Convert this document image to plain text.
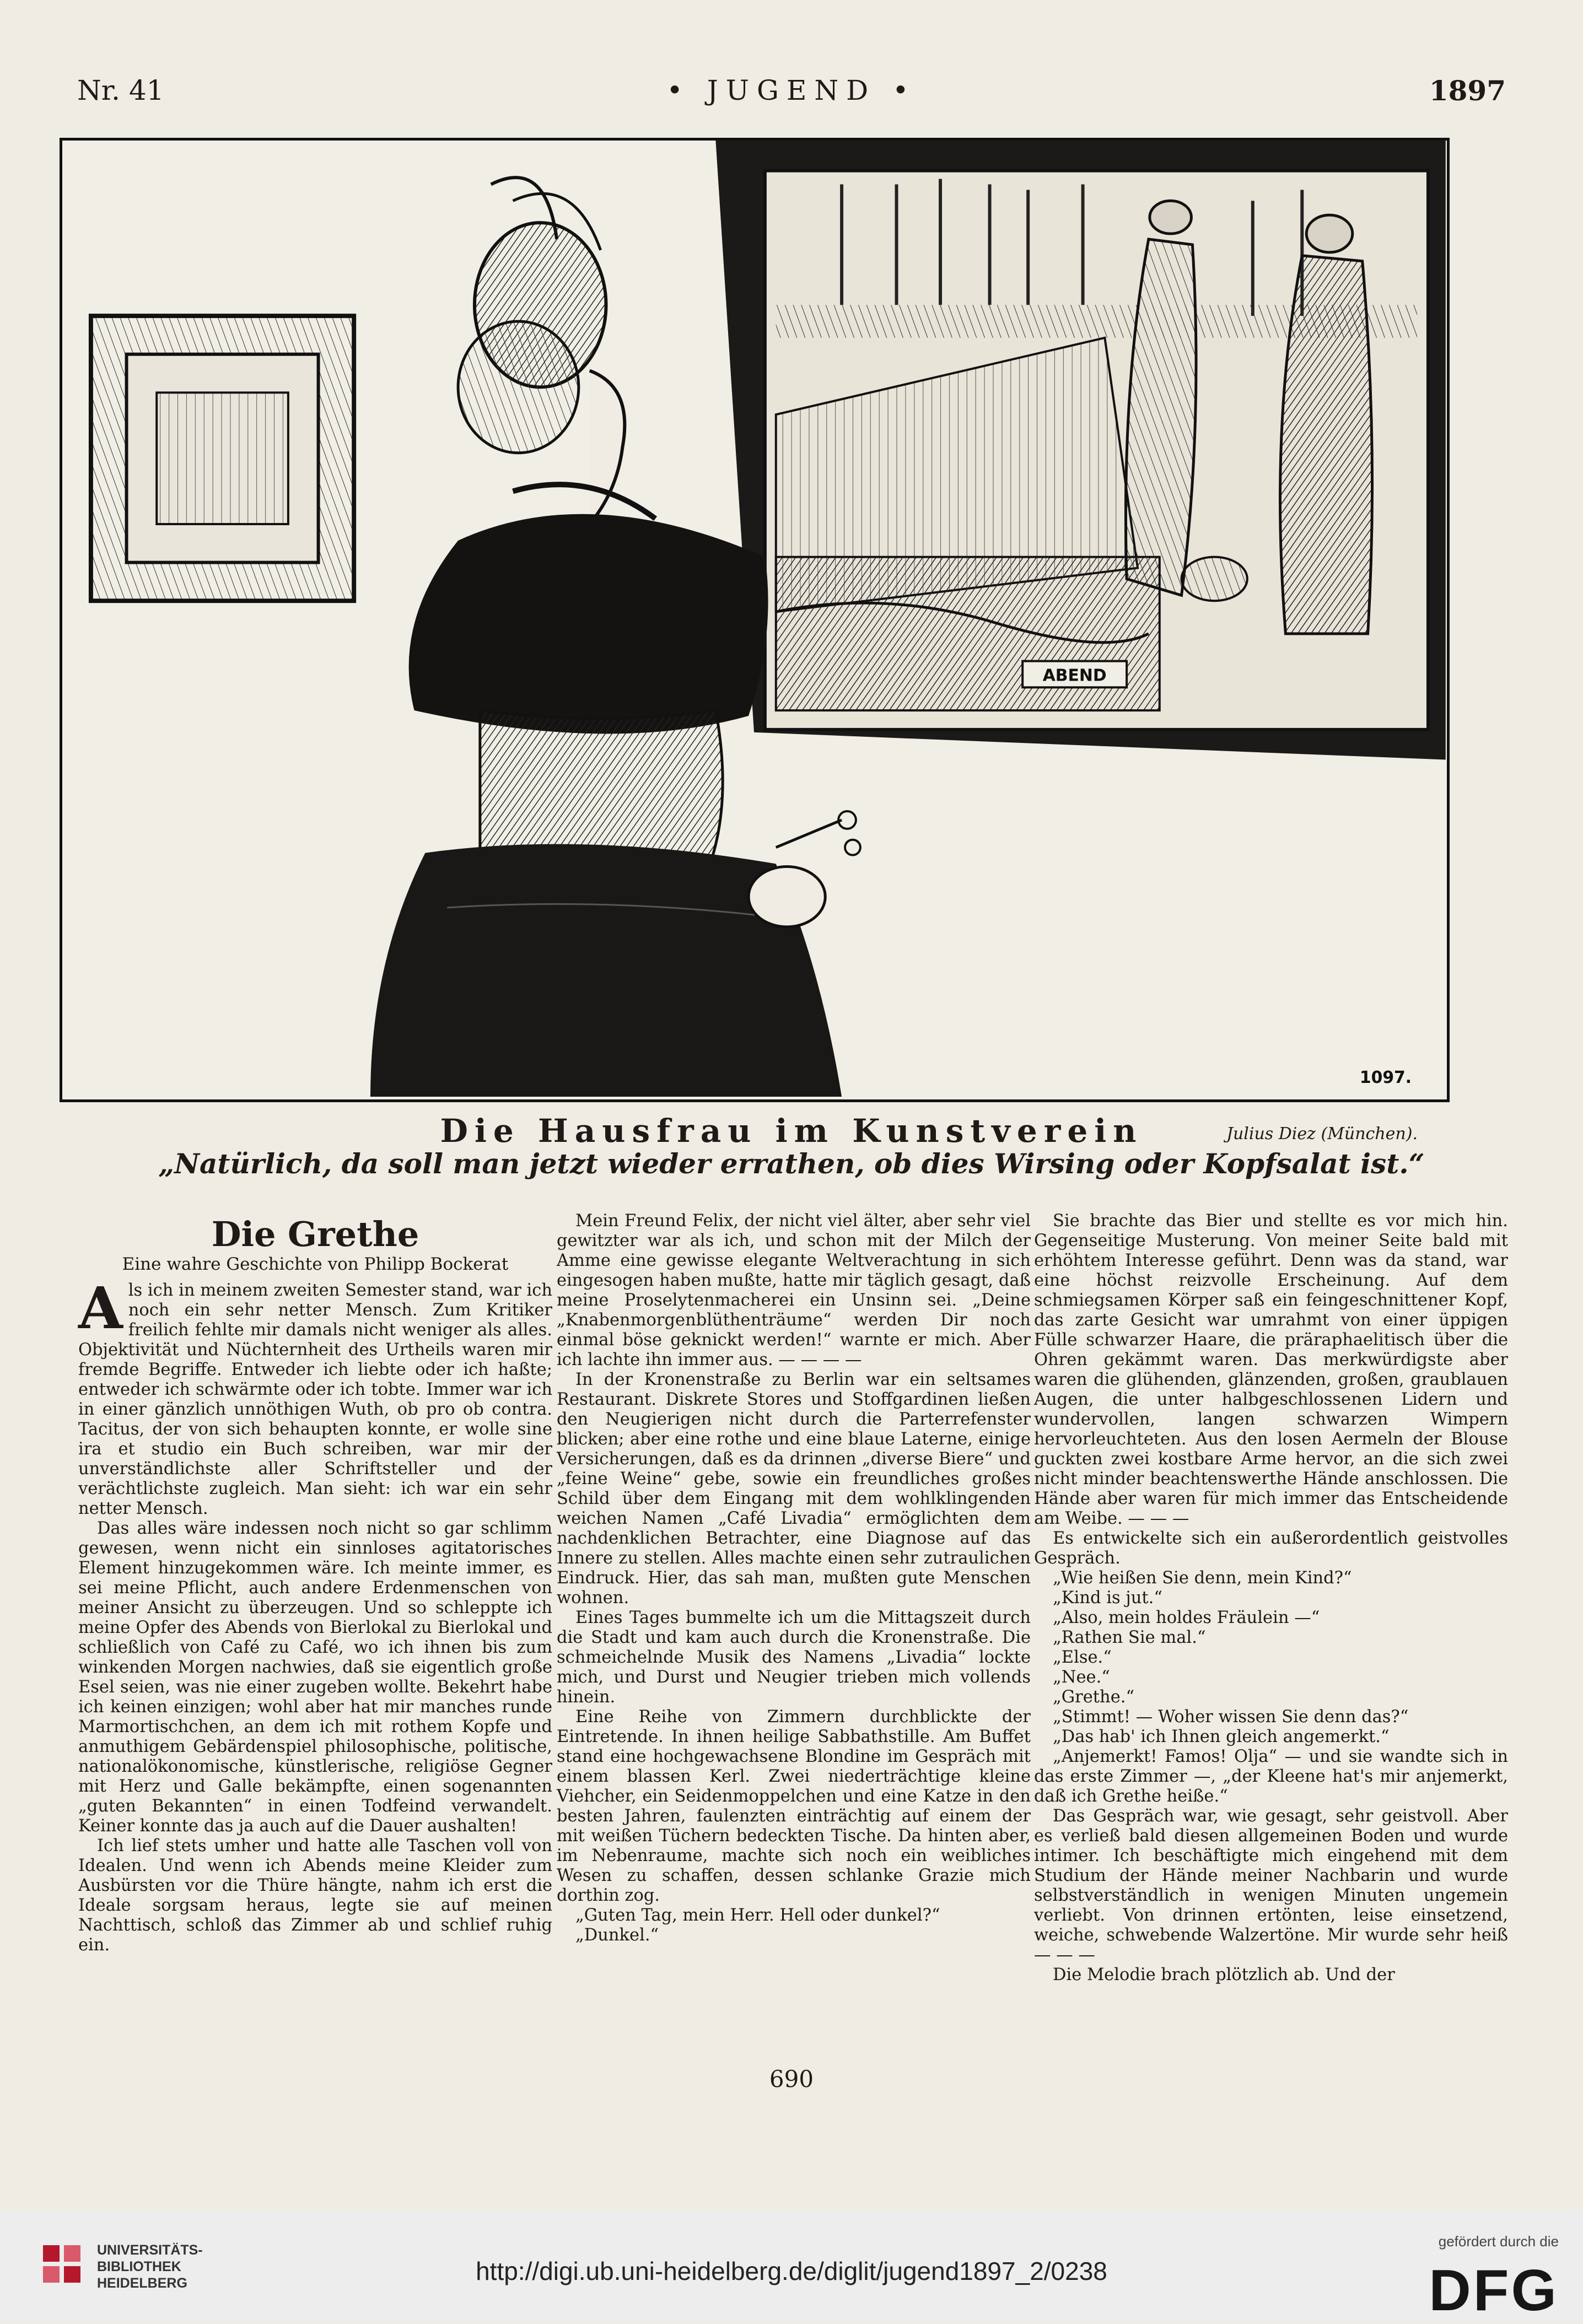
Nr. 41	• JUGEND •	1897
ABEND
1097.
Die Hausfrau im Kunstverein	Julius Diez (München).
„Natürlich, da soll man jetzt wieder errathen, ob dies Wirsing oder Kopfsalat ist.“
Die Grethe
Eine wahre Geschichte von Philipp Bockerat

Als ich in meinem zweiten Semester stand, war ich noch ein sehr netter Mensch. Zum Kritiker freilich fehlte mir damals nicht weniger als alles. Objektivität und Nüchternheit des Urtheils waren mir fremde Begriffe. Entweder ich liebte oder ich haßte; entweder ich schwärmte oder ich tobte. Immer war ich in einer gänzlich unnöthigen Wuth, ob pro ob contra. Tacitus, der von sich behaupten konnte, er wolle sine ira et studio ein Buch schreiben, war mir der unverständlichste aller Schriftsteller und der verächtlichste zugleich. Man sieht: ich war ein sehr netter Mensch.

Das alles wäre indessen noch nicht so gar schlimm gewesen, wenn nicht ein sinnloses agitatorisches Element hinzugekommen wäre. Ich meinte immer, es sei meine Pflicht, auch andere Erdenmenschen von meiner Ansicht zu überzeugen. Und so schleppte ich meine Opfer des Abends von Bierlokal zu Bierlokal und schließlich von Café zu Café, wo ich ihnen bis zum winkenden Morgen nachwies, daß sie eigentlich große Esel seien, was nie einer zugeben wollte. Bekehrt habe ich keinen einzigen; wohl aber hat mir manches runde Marmortischchen, an dem ich mit rothem Kopfe und anmuthigem Gebärdenspiel philosophische, politische, nationalökonomische, künstlerische, religiöse Gegner mit Herz und Galle bekämpfte, einen sogenannten „guten Bekannten“ in einen Todfeind verwandelt. Keiner konnte das ja auch auf die Dauer aushalten!

Ich lief stets umher und hatte alle Taschen voll von Idealen. Und wenn ich Abends meine Kleider zum Ausbürsten vor die Thüre hängte, nahm ich erst die Ideale sorgsam heraus, legte sie auf meinen Nachttisch, schloß das Zimmer ab und schlief ruhig ein.

Mein Freund Felix, der nicht viel älter, aber sehr viel gewitzter war als ich, und schon mit der Milch der Amme eine gewisse elegante Weltverachtung in sich eingesogen haben mußte, hatte mir täglich gesagt, daß meine Proselytenmacherei ein Unsinn sei. „Deine „Knabenmorgenblüthenträume“ werden Dir noch einmal böse geknickt werden!“ warnte er mich. Aber ich lachte ihn immer aus. — — — —

In der Kronenstraße zu Berlin war ein seltsames Restaurant. Diskrete Stores und Stoffgardinen ließen den Neugierigen nicht durch die Parterrefenster blicken; aber eine rothe und eine blaue Laterne, einige Versicherungen, daß es da drinnen „diverse Biere“ und „feine Weine“ gebe, sowie ein freundliches großes Schild über dem Eingang mit dem wohlklingenden weichen Namen „Café Livadia“ ermöglichten dem nachdenklichen Betrachter, eine Diagnose auf das Innere zu stellen. Alles machte einen sehr zutraulichen Eindruck. Hier, das sah man, mußten gute Menschen wohnen.

Eines Tages bummelte ich um die Mittagszeit durch die Stadt und kam auch durch die Kronenstraße. Die schmeichelnde Musik des Namens „Livadia“ lockte mich, und Durst und Neugier trieben mich vollends hinein.

Eine Reihe von Zimmern durchblickte der Eintretende. In ihnen heilige Sabbathstille. Am Buffet stand eine hochgewachsene Blondine im Gespräch mit einem blassen Kerl. Zwei niederträchtige kleine Viehcher, ein Seidenmoppelchen und eine Katze in den besten Jahren, faulenzten einträchtig auf einem der mit weißen Tüchern bedeckten Tische. Da hinten aber, im Nebenraume, machte sich noch ein weibliches Wesen zu schaffen, dessen schlanke Grazie mich dorthin zog.

„Guten Tag, mein Herr. Hell oder dunkel?“

„Dunkel.“

Sie brachte das Bier und stellte es vor mich hin. Gegenseitige Musterung. Von meiner Seite bald mit erhöhtem Interesse geführt. Denn was da stand, war eine höchst reizvolle Erscheinung. Auf dem schmiegsamen Körper saß ein feingeschnittener Kopf, das zarte Gesicht war umrahmt von einer üppigen Fülle schwarzer Haare, die präraphaelitisch über die Ohren gekämmt waren. Das merkwürdigste aber waren die glühenden, glänzenden, großen, graublauen Augen, die unter halbgeschlossenen Lidern und wundervollen, langen schwarzen Wimpern hervorleuchteten. Aus den losen Aermeln der Blouse guckten zwei kostbare Arme hervor, an die sich zwei nicht minder beachtenswerthe Hände anschlossen. Die Hände aber waren für mich immer das Entscheidende am Weibe. — — —

Es entwickelte sich ein außerordentlich geistvolles Gespräch.

„Wie heißen Sie denn, mein Kind?“

„Kind is jut.“

„Also, mein holdes Fräulein —“

„Rathen Sie mal.“

„Else.“

„Nee.“

„Grethe.“

„Stimmt! — Woher wissen Sie denn das?“

„Das hab' ich Ihnen gleich angemerkt.“

„Anjemerkt! Famos! Olja“ — und sie wandte sich in das erste Zimmer —, „der Kleene hat's mir anjemerkt, daß ich Grethe heiße.“

Das Gespräch war, wie gesagt, sehr geistvoll. Aber es verließ bald diesen allgemeinen Boden und wurde intimer. Ich beschäftigte mich eingehend mit dem Studium der Hände meiner Nachbarin und wurde selbstverständlich in wenigen Minuten ungemein verliebt. Von drinnen ertönten, leise einsetzend, weiche, schwebende Walzertöne. Mir wurde sehr heiß — — —

Die Melodie brach plötzlich ab. Und der

690
UNIVERSITÄTS-
BIBLIOTHEK
HEIDELBERG	http://digi.ub.uni-heidelberg.de/diglit/jugend1897_2/0238
gefördert durch die
DFG
